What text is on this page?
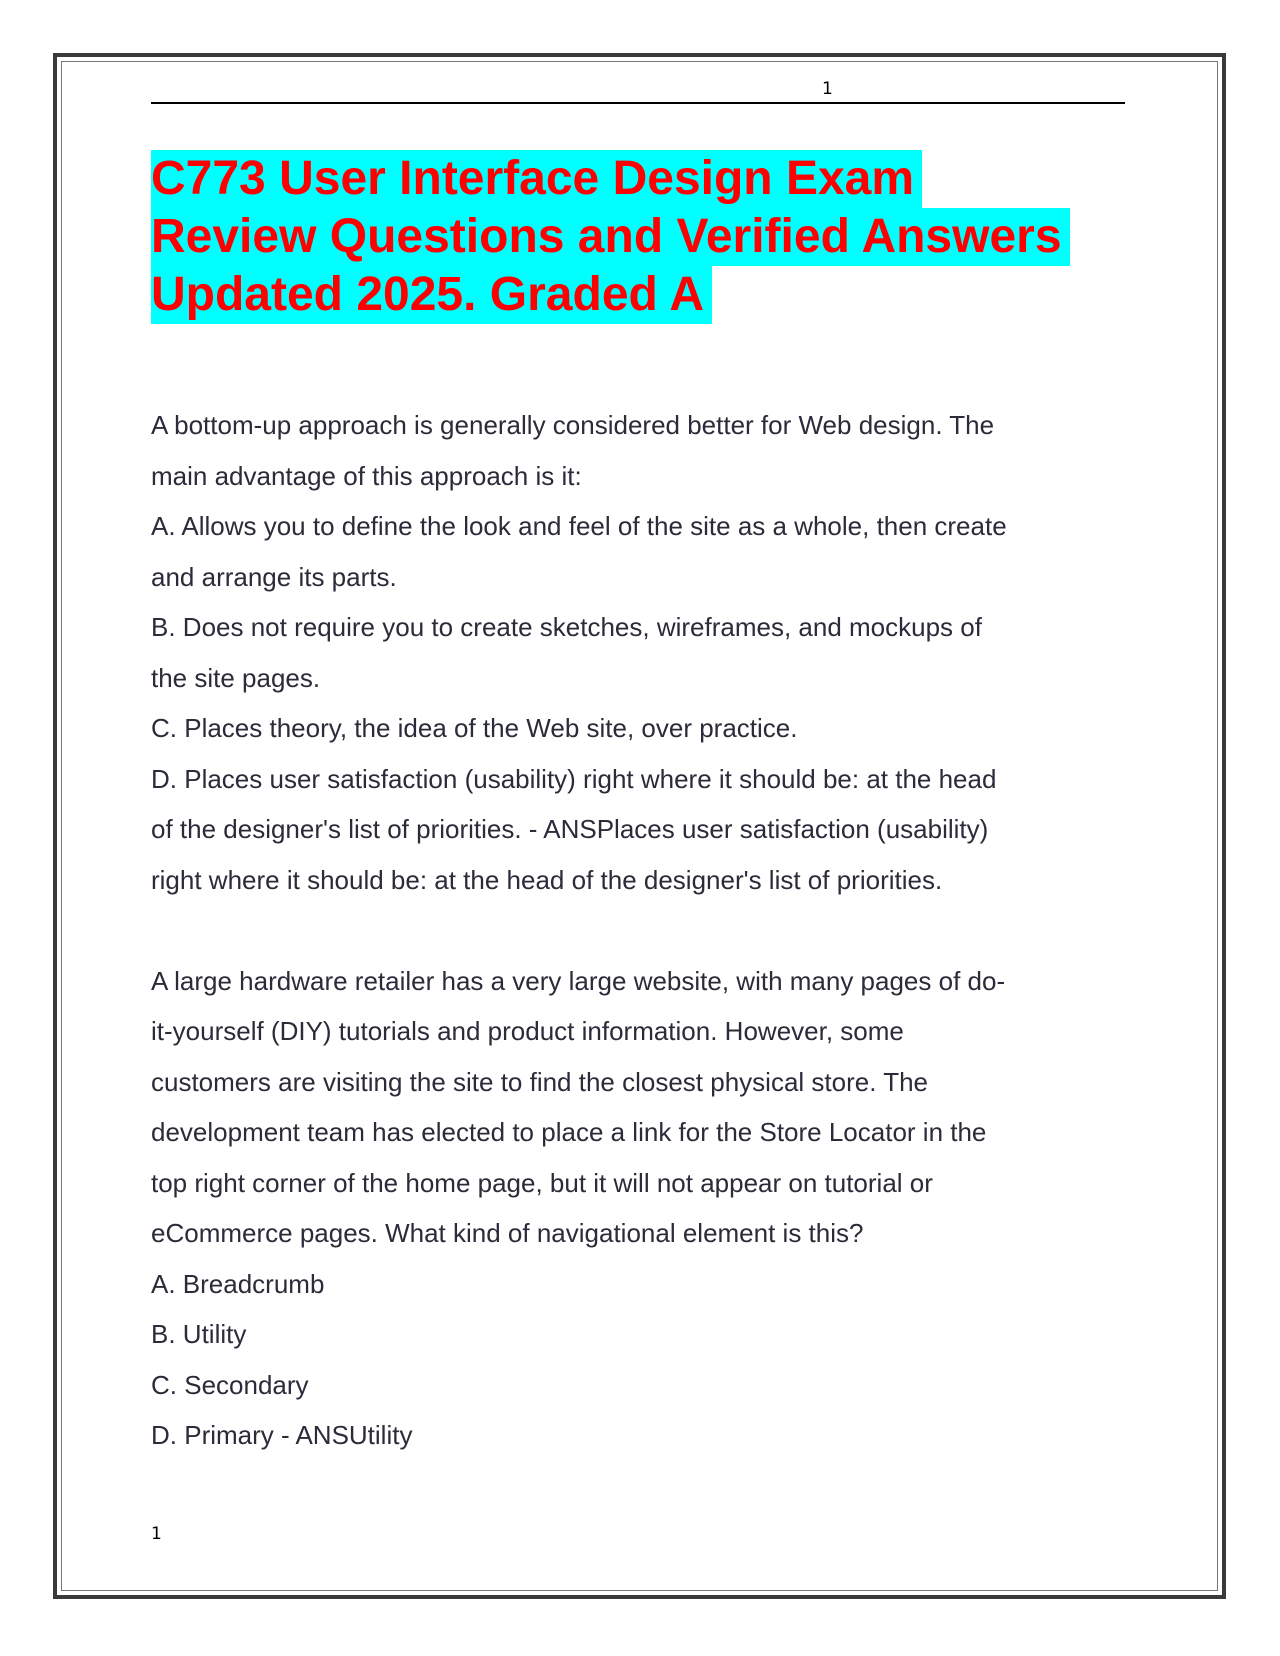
1
C773 User Interface Design Exam
Review Questions and Verified Answers
Updated 2025. Graded A

A bottom-up approach is generally considered better for Web design. The

main advantage of this approach is it:

A. Allows you to define the look and feel of the site as a whole, then create

and arrange its parts.

B. Does not require you to create sketches, wireframes, and mockups of

the site pages.

C. Places theory, the idea of the Web site, over practice.

D. Places user satisfaction (usability) right where it should be: at the head

of the designer's list of priorities. - ANSPlaces user satisfaction (usability)

right where it should be: at the head of the designer's list of priorities.

A large hardware retailer has a very large website, with many pages of do-

it-yourself (DIY) tutorials and product information. However, some

customers are visiting the site to find the closest physical store. The

development team has elected to place a link for the Store Locator in the

top right corner of the home page, but it will not appear on tutorial or

eCommerce pages. What kind of navigational element is this?

A. Breadcrumb

B. Utility

C. Secondary

D. Primary - ANSUtility

1
